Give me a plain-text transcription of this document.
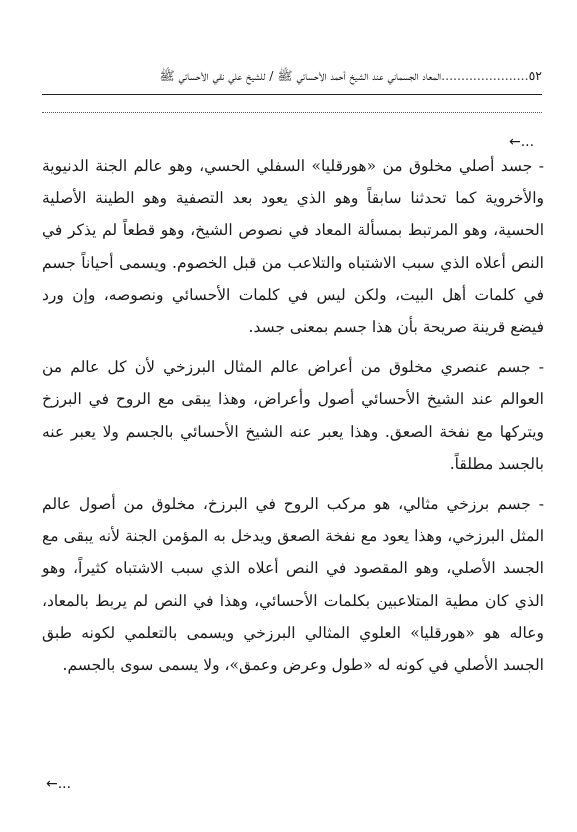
٥٢......................المعاد الجسماني عند الشيخ أحمد الأحسائي ﷺ / للشيخ علي نقي الأحسائي ﷺ
←...

- جسد أصلي مخلوق من «هورقليا» السفلي الحسي، وهو عالم الجنة الدنيوية والأخروية كما تحدثنا سابقاً وهو الذي يعود بعد التصفية وهو الطينة الأصلية الحسية، وهو المرتبط بمسألة المعاد في نصوص الشيخ، وهو قطعاً لم يذكر في النص أعلاه الذي سبب الاشتباه والتلاعب من قبل الخصوم. ويسمى أحياناً جسم في كلمات أهل البيت، ولكن ليس في كلمات الأحسائي ونصوصه، وإن ورد فيضع قرينة صريحة بأن هذا جسم بمعنى جسد.

- جسم عنصري مخلوق من أعراض عالم المثال البرزخي لأن كل عالم من العوالم عند الشيخ الأحسائي أصول وأعراض، وهذا يبقى مع الروح في البرزخ ويتركها مع نفخة الصعق. وهذا يعبر عنه الشيخ الأحسائي بالجسم ولا يعبر عنه بالجسد مطلقاً.

- جسم برزخي مثالي، هو مركب الروح في البرزخ، مخلوق من أصول عالم المثل البرزخي، وهذا يعود مع نفخة الصعق ويدخل به المؤمن الجنة لأنه يبقى مع الجسد الأصلي، وهو المقصود في النص أعلاه الذي سبب الاشتباه كثيراً، وهو الذي كان مطية المتلاعبين بكلمات الأحسائي، وهذا في النص لم يربط بالمعاد، وعاله هو «هورقليا» العلوي المثالي البرزخي ويسمى بالتعلمي لكونه طبق الجسد الأصلي في كونه له «طول وعرض وعمق»، ولا يسمى سوى بالجسم.

←...
